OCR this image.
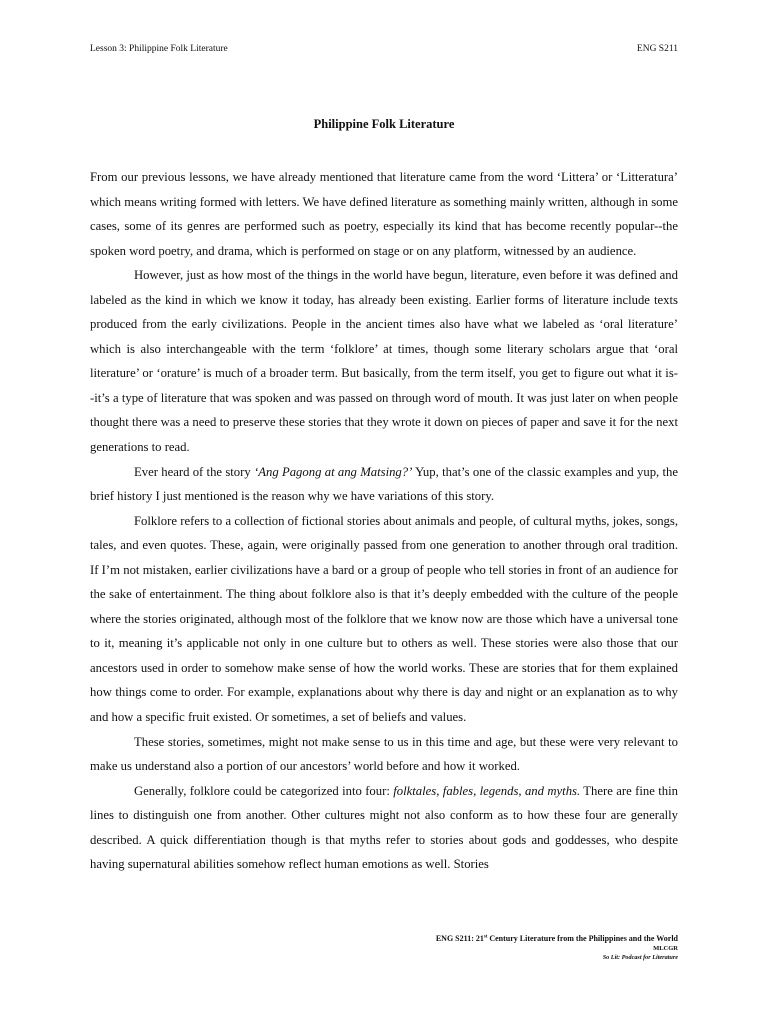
Lesson 3: Philippine Folk Literature	ENG S211
Philippine Folk Literature

From our previous lessons, we have already mentioned that literature came from the word ‘Littera’ or ‘Litteratura’ which means writing formed with letters. We have defined literature as something mainly written, although in some cases, some of its genres are performed such as poetry, especially its kind that has become recently popular--the spoken word poetry, and drama, which is performed on stage or on any platform, witnessed by an audience.

However, just as how most of the things in the world have begun, literature, even before it was defined and labeled as the kind in which we know it today, has already been existing. Earlier forms of literature include texts produced from the early civilizations. People in the ancient times also have what we labeled as ‘oral literature’ which is also interchangeable with the term ‘folklore’ at times, though some literary scholars argue that ‘oral literature’ or ‘orature’ is much of a broader term. But basically, from the term itself, you get to figure out what it is--it’s a type of literature that was spoken and was passed on through word of mouth. It was just later on when people thought there was a need to preserve these stories that they wrote it down on pieces of paper and save it for the next generations to read.

Ever heard of the story ‘Ang Pagong at ang Matsing?’ Yup, that’s one of the classic examples and yup, the brief history I just mentioned is the reason why we have variations of this story.

Folklore refers to a collection of fictional stories about animals and people, of cultural myths, jokes, songs, tales, and even quotes. These, again, were originally passed from one generation to another through oral tradition. If I’m not mistaken, earlier civilizations have a bard or a group of people who tell stories in front of an audience for the sake of entertainment. The thing about folklore also is that it’s deeply embedded with the culture of the people where the stories originated, although most of the folklore that we know now are those which have a universal tone to it, meaning it’s applicable not only in one culture but to others as well. These stories were also those that our ancestors used in order to somehow make sense of how the world works. These are stories that for them explained how things come to order. For example, explanations about why there is day and night or an explanation as to why and how a specific fruit existed. Or sometimes, a set of beliefs and values.

These stories, sometimes, might not make sense to us in this time and age, but these were very relevant to make us understand also a portion of our ancestors’ world before and how it worked.

Generally, folklore could be categorized into four: folktales, fables, legends, and myths. There are fine thin lines to distinguish one from another. Other cultures might not also conform as to how these four are generally described. A quick differentiation though is that myths refer to stories about gods and goddesses, who despite having supernatural abilities somehow reflect human emotions as well. Stories

ENG S211: 21st Century Literature from the Philippines and the World
MLCGR
So Lit: Podcast for Literature
